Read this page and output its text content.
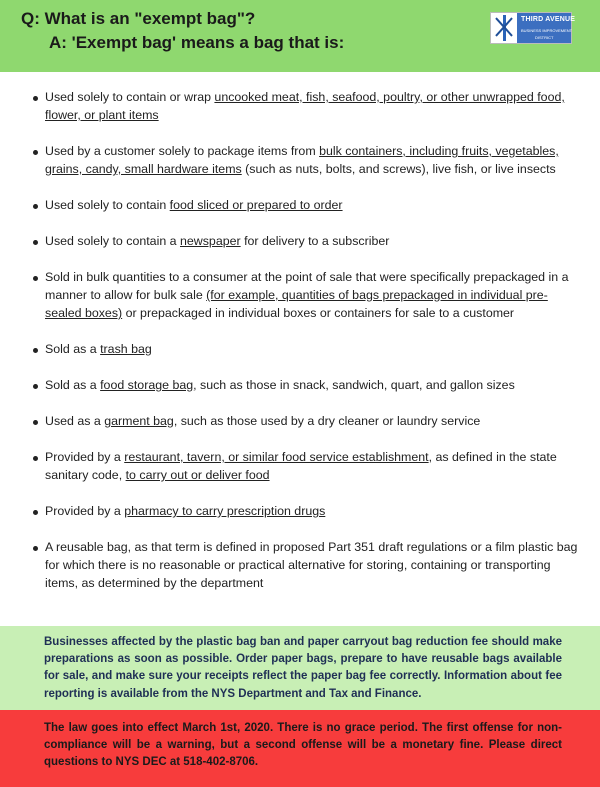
Q: What is an "exempt bag"?
A: 'Exempt bag' means a bag that is:
THIRD AVENUE
BUSINESS IMPROVEMENT
DISTRICT
Used solely to contain or wrap uncooked meat, fish, seafood, poultry, or other unwrapped food, flower, or plant items
Used by a customer solely to package items from bulk containers, including fruits, vegetables, grains, candy, small hardware items (such as nuts, bolts, and screws), live fish, or live insects
Used solely to contain food sliced or prepared to order
Used solely to contain a newspaper for delivery to a subscriber
Sold in bulk quantities to a consumer at the point of sale that were specifically prepackaged in a manner to allow for bulk sale (for example, quantities of bags prepackaged in individual pre-sealed boxes) or prepackaged in individual boxes or containers for sale to a customer
Sold as a trash bag
Sold as a food storage bag, such as those in snack, sandwich, quart, and gallon sizes
Used as a garment bag, such as those used by a dry cleaner or laundry service
Provided by a restaurant, tavern, or similar food service establishment, as defined in the state sanitary code, to carry out or deliver food
Provided by a pharmacy to carry prescription drugs
A reusable bag, as that term is defined in proposed Part 351 draft regulations or a film plastic bag for which there is no reasonable or practical alternative for storing, containing or transporting items, as determined by the department

Businesses affected by the plastic bag ban and paper carryout bag reduction fee should make preparations as soon as possible. Order paper bags, prepare to have reusable bags available for sale, and make sure your receipts reflect the paper bag fee correctly. Information about fee reporting is available from the NYS Department and Tax and Finance.

The law goes into effect March 1st, 2020. There is no grace period. The first offense for non-compliance will be a warning, but a second offense will be a monetary fine. Please direct questions to NYS DEC at 518-402-8706.
